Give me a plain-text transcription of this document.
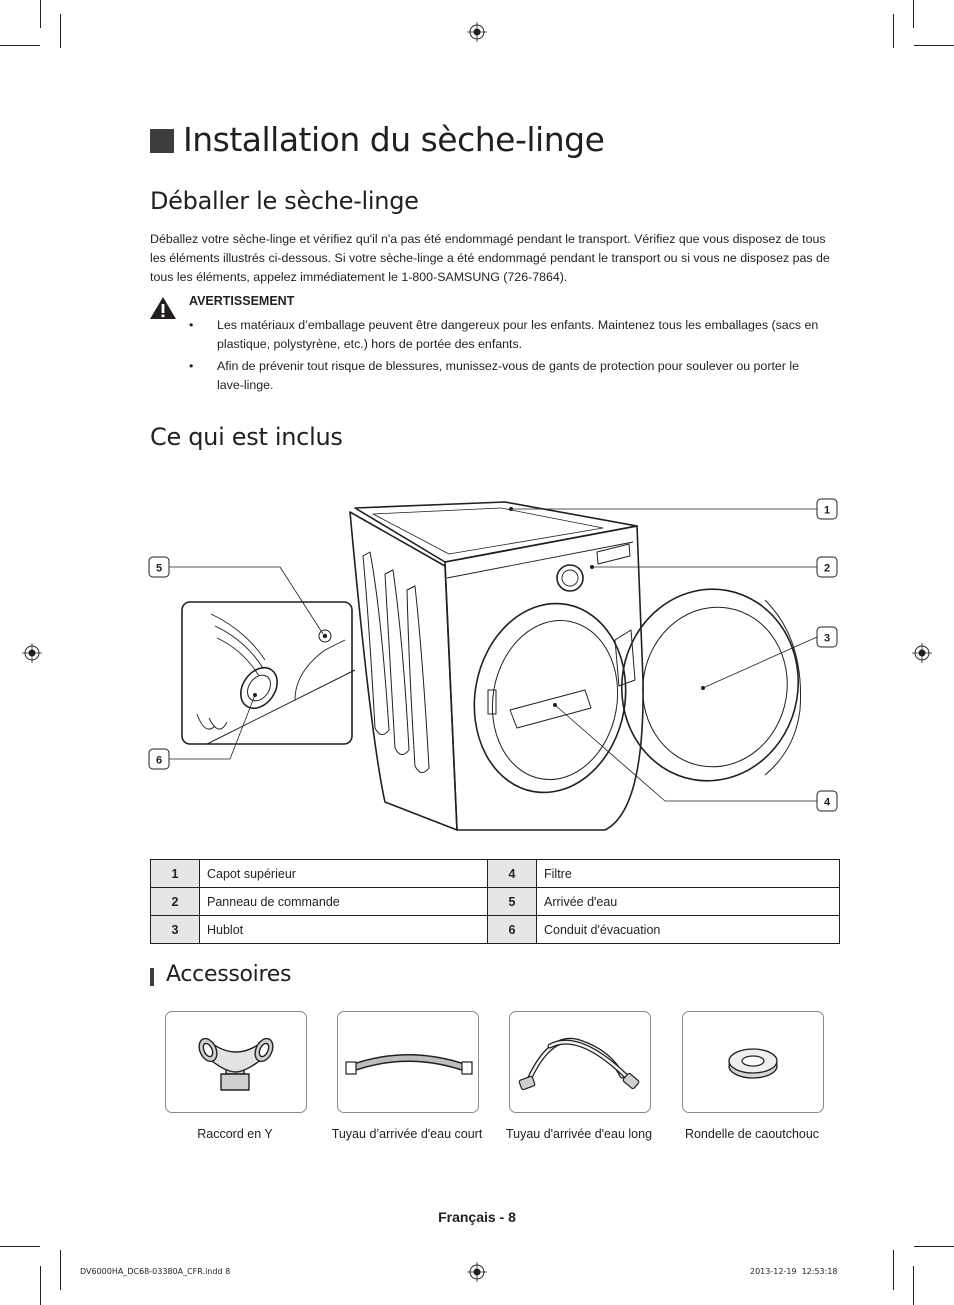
Installation du sèche-linge
Déballer le sèche-linge
Déballez votre sèche-linge et vérifiez qu'il n'a pas été endommagé pendant le transport. Vérifiez que vous disposez de tous les éléments illustrés ci-dessous. Si votre sèche-linge a été endommagé pendant le transport ou si vous ne disposez pas de tous les éléments, appelez immédiatement le 1-800-SAMSUNG (726-7864).
AVERTISSEMENT
• Les matériaux d’emballage peuvent être dangereux pour les enfants. Maintenez tous les emballages (sacs en plastique, polystyrène, etc.) hors de portée des enfants.
• Afin de prévenir tout risque de blessures, munissez-vous de gants de protection pour soulever ou porter le lave-linge.
Ce qui est inclus
1
2
3
4
5
6
1	Capot supérieur	4	Filtre
2	Panneau de commande	5	Arrivée d'eau
3	Hublot	6	Conduit d'évacuation
Accessoires
Raccord en Y	Tuyau d’arrivée d'eau court	Tuyau d'arrivée d'eau long	Rondelle de caoutchouc
Français - 8
DV6000HA_DC68-03380A_CFR.indd 8	2013-12-19 ￼￼ 12:53:18
